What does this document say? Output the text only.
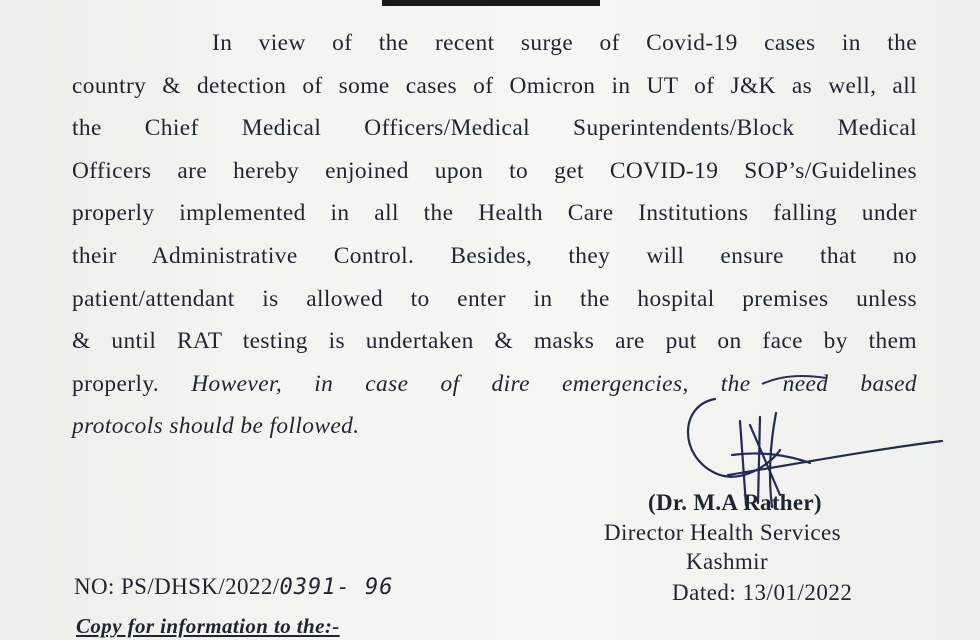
In view of the recent surge of Covid-19 cases in the
country & detection of some cases of Omicron in UT of J&K as well, all
the Chief Medical Officers/Medical Superintendents/Block Medical
Officers are hereby enjoined upon to get COVID-19 SOP’s/Guidelines
properly implemented in all the Health Care Institutions falling under
their Administrative Control. Besides, they will ensure that no
patient/attendant is allowed to enter in the hospital premises unless
& until RAT testing is undertaken & masks are put on face by them
properly. However, in case of dire emergencies, the need based
protocols should be followed.
(Dr. M.A Rather)
Director Health Services
Kashmir
Dated: 13/01/2022
NO: PS/DHSK/2022/0391- 96
Copy for information to the:-
